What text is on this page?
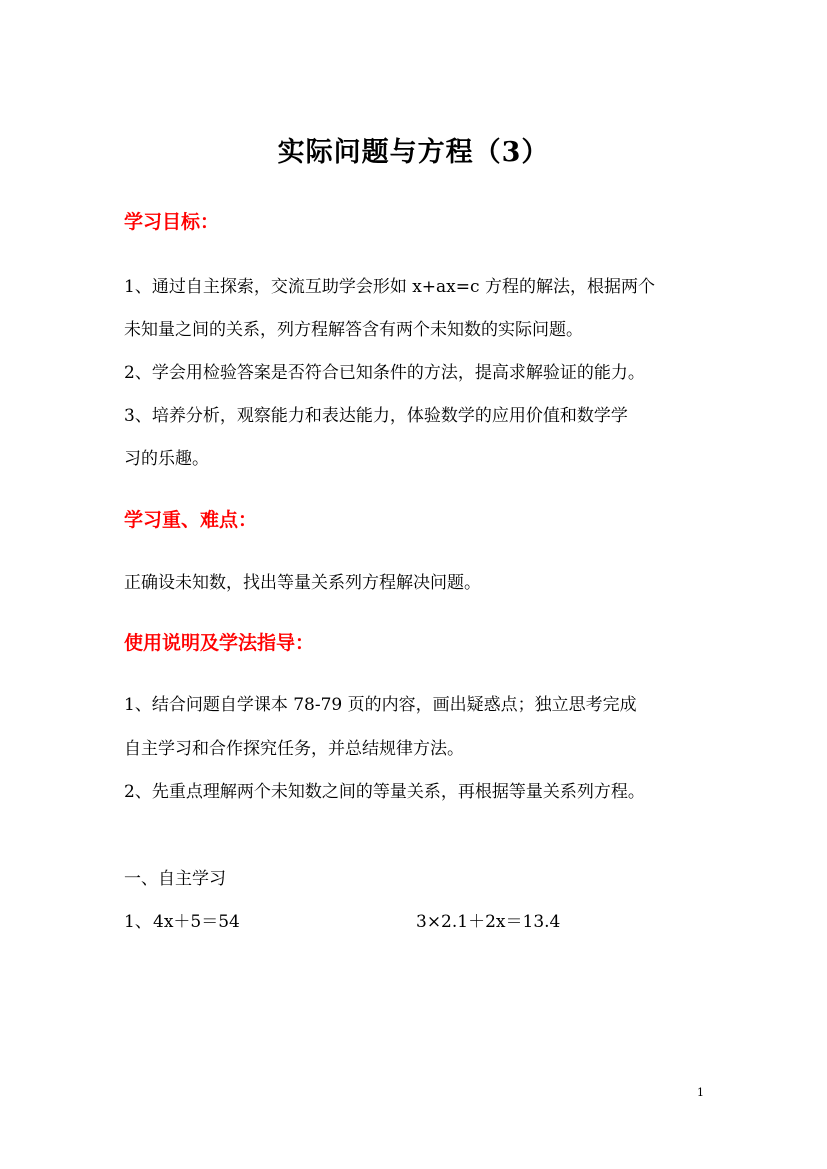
实际问题与方程（3）
学习目标：
1、通过自主探索，交流互助学会形如 x+ax=c 方程的解法，根据两个
未知量之间的关系，列方程解答含有两个未知数的实际问题。
2、学会用检验答案是否符合已知条件的方法，提高求解验证的能力。
3、培养分析，观察能力和表达能力，体验数学的应用价值和数学学
习的乐趣。
学习重、难点：
正确设未知数，找出等量关系列方程解决问题。
使用说明及学法指导：
1、结合问题自学课本 78-79 页的内容，画出疑惑点；独立思考完成
自主学习和合作探究任务，并总结规律方法。
2、先重点理解两个未知数之间的等量关系，再根据等量关系列方程。
一、自主学习
1、 4x＋5＝54	3×2.1＋2x＝13.4
1
